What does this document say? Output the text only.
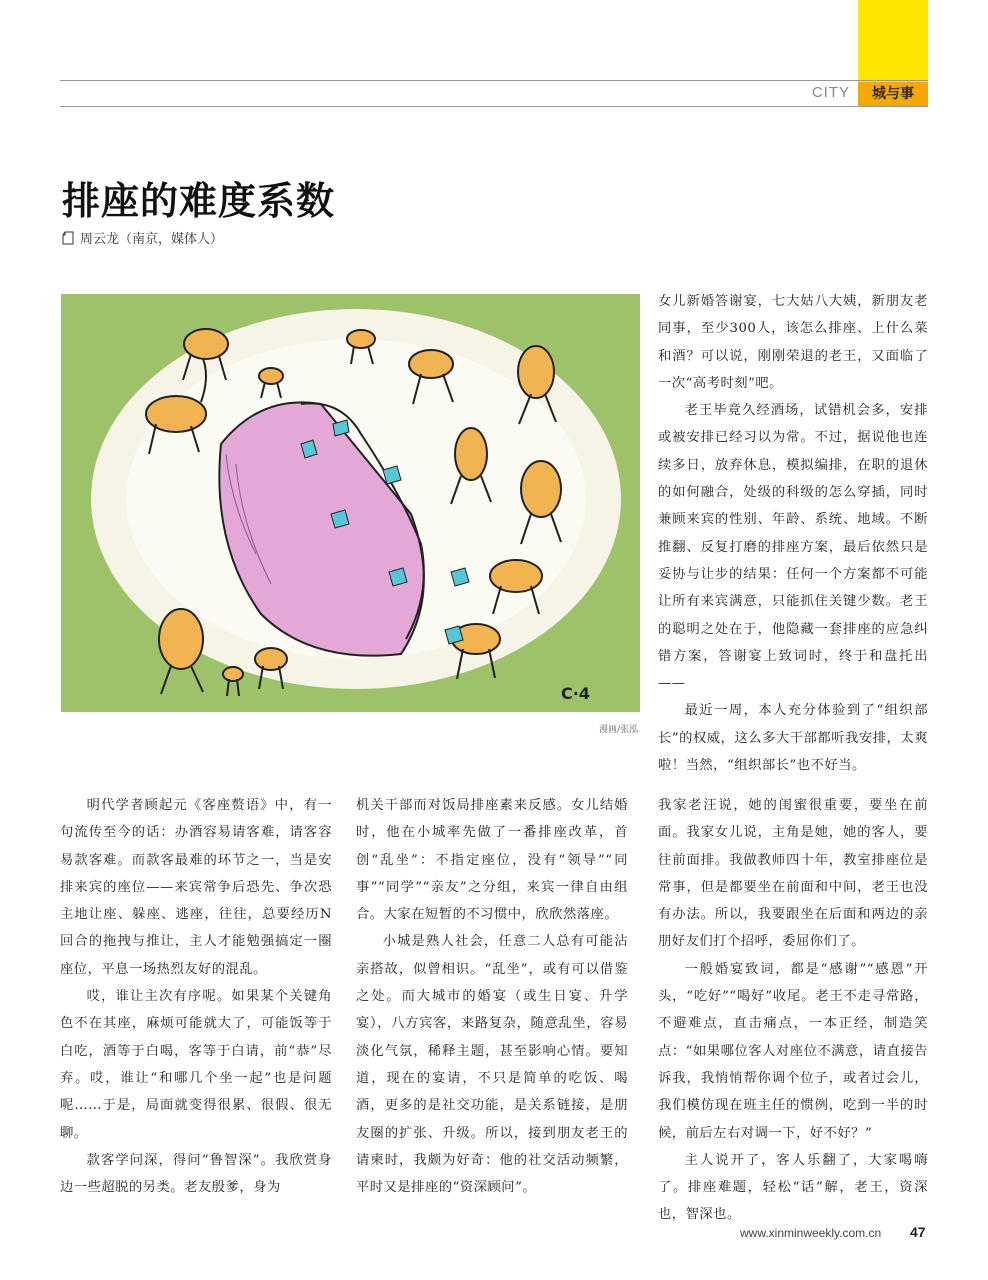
CITY	城与事
排座的难度系数
周云龙（南京，媒体人）
C·4
漫画/张泓

女儿新婚答谢宴，七大姑八大姨，新朋友老同事，至少300人，该怎么排座、上什么菜和酒？可以说，刚刚荣退的老王，又面临了一次“高考时刻”吧。

老王毕竟久经酒场，试错机会多，安排或被安排已经习以为常。不过，据说他也连续多日，放弃休息，模拟编排，在职的退休的如何融合，处级的科级的怎么穿插，同时兼顾来宾的性别、年龄、系统、地域。不断推翻、反复打磨的排座方案，最后依然只是妥协与让步的结果：任何一个方案都不可能让所有来宾满意，只能抓住关键少数。老王的聪明之处在于，他隐藏一套排座的应急纠错方案，答谢宴上致词时，终于和盘托出——

最近一周，本人充分体验到了“组织部长”的权威，这么多大干部都听我安排，太爽啦！当然，“组织部长”也不好当。

明代学者顾起元《客座赘语》中，有一句流传至今的话：办酒容易请客难，请客容易款客难。而款客最难的环节之一，当是安排来宾的座位——来宾常争后恐先、争次恐主地让座、躲座、逃座，往往，总要经历N回合的拖拽与推让，主人才能勉强搞定一圈座位，平息一场热烈友好的混乱。

哎，谁让主次有序呢。如果某个关键角色不在其座，麻烦可能就大了，可能饭等于白吃，酒等于白喝，客等于白请，前“恭”尽弃。哎，谁让“和哪几个坐一起”也是问题呢……于是，局面就变得很累、很假、很无聊。

款客学问深，得问“鲁智深”。我欣赏身边一些超脱的另类。老友殷爹，身为

机关干部而对饭局排座素来反感。女儿结婚时，他在小城率先做了一番排座改革，首创“乱坐”：不指定座位，没有“领导”“同事”“同学”“亲友”之分组，来宾一律自由组合。大家在短暂的不习惯中，欣欣然落座。

小城是熟人社会，任意二人总有可能沾亲搭故，似曾相识。“乱坐”，或有可以借鉴之处。而大城市的婚宴（或生日宴、升学宴），八方宾客，来路复杂，随意乱坐，容易淡化气氛，稀释主题，甚至影响心情。要知道，现在的宴请，不只是简单的吃饭、喝酒，更多的是社交功能，是关系链接，是朋友圈的扩张、升级。所以，接到朋友老王的请柬时，我颇为好奇：他的社交活动频繁，平时又是排座的“资深顾问”。

我家老汪说，她的闺蜜很重要，要坐在前面。我家女儿说，主角是她，她的客人，要往前面排。我做教师四十年，教室排座位是常事，但是都要坐在前面和中间，老王也没有办法。所以，我要跟坐在后面和两边的亲朋好友们打个招呼，委屈你们了。

一般婚宴致词，都是“感谢”“感恩”开头，“吃好”“喝好”收尾。老王不走寻常路，不避难点，直击痛点，一本正经，制造笑点：“如果哪位客人对座位不满意，请直接告诉我，我悄悄帮你调个位子，或者过会儿，我们模仿现在班主任的惯例，吃到一半的时候，前后左右对调一下，好不好？”

主人说开了，客人乐翻了，大家喝嗨了。排座难题，轻松“话”解，老王，资深也，智深也。

www.xinminweekly.com.cn 47
